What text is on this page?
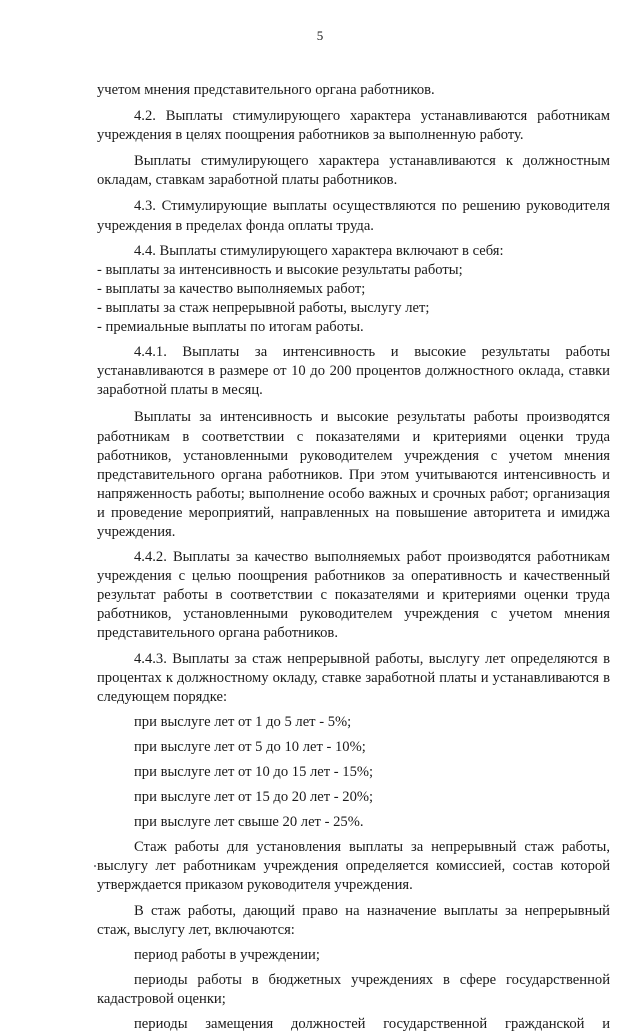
5

учетом мнения представительного органа работников.

4.2. Выплаты стимулирующего характера устанавливаются работникам учреждения в целях поощрения работников за выполненную работу.

Выплаты стимулирующего характера устанавливаются к должностным окладам, ставкам заработной платы работников.

4.3. Стимулирующие выплаты осуществляются по решению руководителя учреждения в пределах фонда оплаты труда.

4.4. Выплаты стимулирующего характера включают в себя:

- выплаты за интенсивность и высокие результаты работы;

- выплаты за качество выполняемых работ;

- выплаты за стаж непрерывной работы, выслугу лет;

- премиальные выплаты по итогам работы.

4.4.1. Выплаты за интенсивность и высокие результаты работы устанавливаются в размере от 10 до 200 процентов должностного оклада, ставки заработной платы в месяц.

Выплаты за интенсивность и высокие результаты работы производятся работникам в соответствии с показателями и критериями оценки труда работников, установленными руководителем учреждения с учетом мнения представительного органа работников. При этом учитываются интенсивность и напряженность работы; выполнение особо важных и срочных работ; организация и проведение мероприятий, направленных на повышение авторитета и имиджа учреждения.

4.4.2. Выплаты за качество выполняемых работ производятся работникам учреждения с целью поощрения работников за оперативность и качественный результат работы в соответствии с показателями и критериями оценки труда работников, установленными руководителем учреждения с учетом мнения представительного органа работников.

4.4.3. Выплаты за стаж непрерывной работы, выслугу лет определяются в процентах к должностному окладу, ставке заработной платы и устанавливаются в следующем порядке:

при выслуге лет от 1 до 5 лет - 5%;

при выслуге лет от 5 до 10 лет - 10%;

при выслуге лет от 10 до 15 лет - 15%;

при выслуге лет от 15 до 20 лет - 20%;

при выслуге лет свыше 20 лет - 25%.

Стаж работы для установления выплаты за непрерывный стаж работы, выслугу лет работникам учреждения определяется комиссией, состав которой утверждается приказом руководителя учреждения.

В стаж работы, дающий право на назначение выплаты за непрерывный стаж, выслугу лет, включаются:

период работы в учреждении;

периоды работы в бюджетных учреждениях в сфере государственной кадастровой оценки;

периоды замещения должностей государственной гражданской и
